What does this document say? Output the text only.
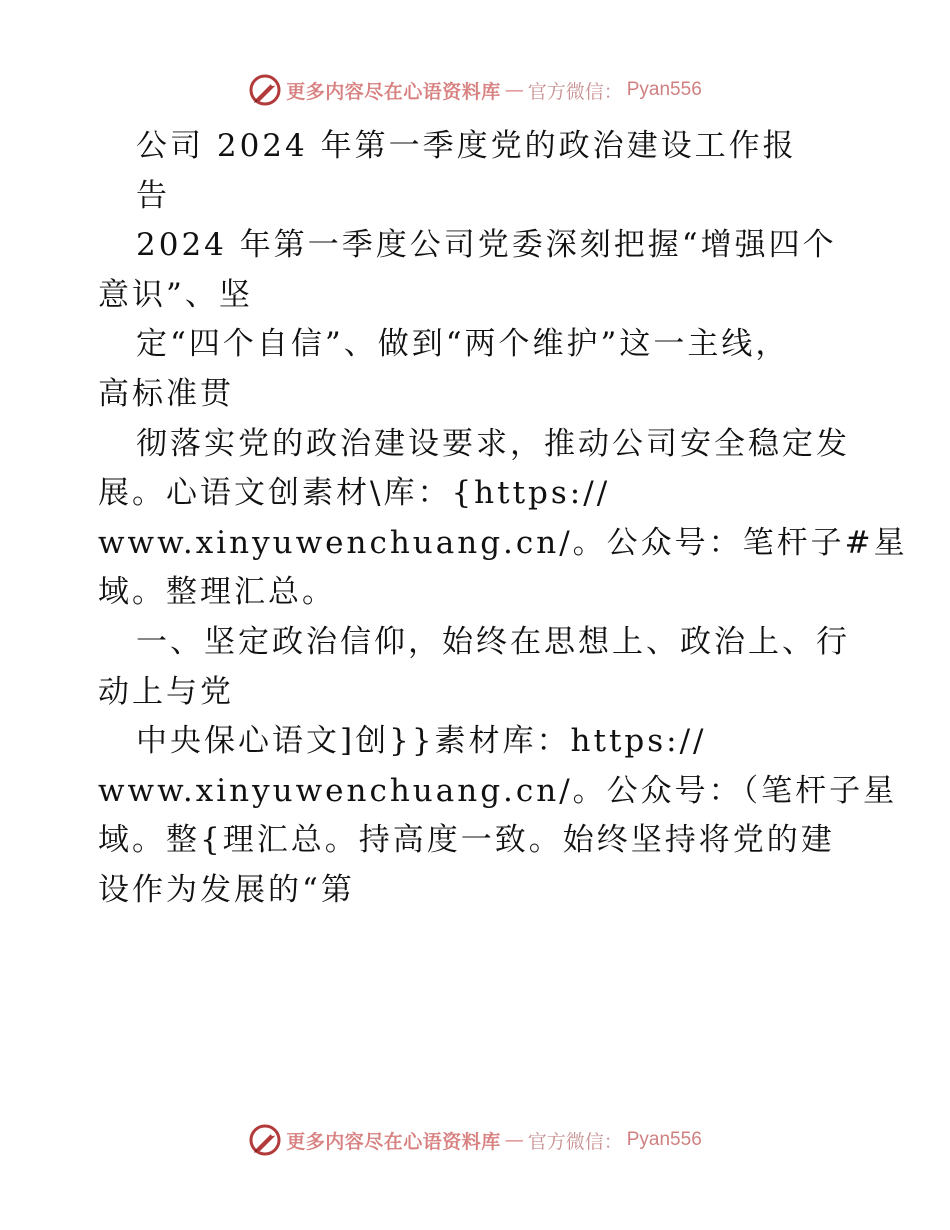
更多内容尽在心语资料库 — 官方微信： Pyan556
公司 2024 年第一季度党的政治建设工作报
告
2024 年第一季度公司党委深刻把握“增强四个
意识”、坚
定“四个自信”、做到“两个维护”这一主线，
高标准贯
彻落实党的政治建设要求，推动公司安全稳定发
展。心语文创素材\库：{https://
www.xinyuwenchuang.cn/。公众号：笔杆子#星
域。整理汇总。
一、坚定政治信仰，始终在思想上、政治上、行
动上与党
中央保心语文]创}}素材库：https://
www.xinyuwenchuang.cn/。公众号：（笔杆子星
域。整{理汇总。持高度一致。始终坚持将党的建
设作为发展的“第
更多内容尽在心语资料库 — 官方微信： Pyan556
